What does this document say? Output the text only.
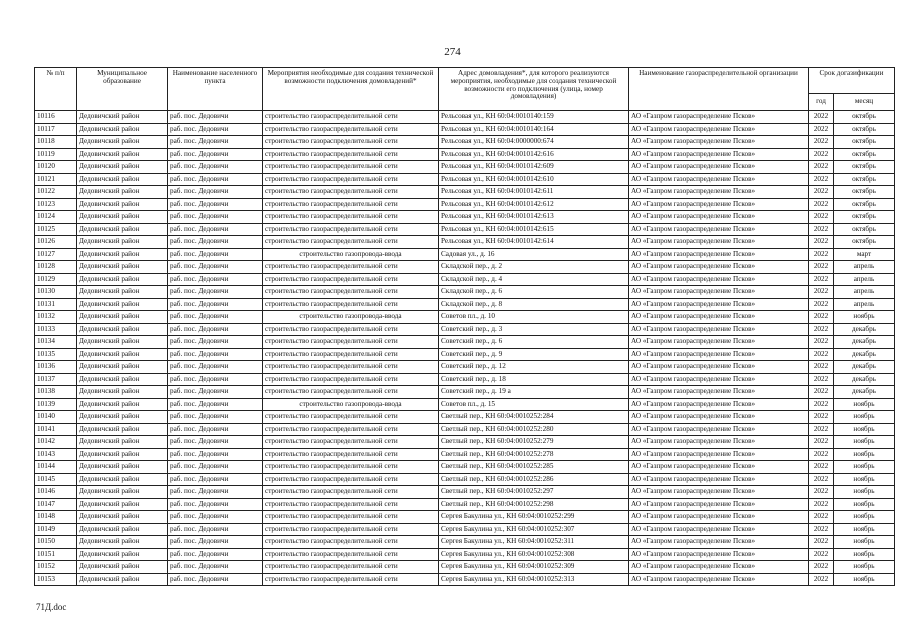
274
№ п/п	Муниципальное образование	Наименование населенного пункта	Мероприятия необходимые для создания технической возможности подключения домовладений*	Адрес домовладения*, для которого реализуются мероприятия, необходимые для создания технической возможности его подключения (улица, номер домовладения)	Наименование газораспределительной организации	Срок догазификации	
						год	месяц
10116	Дедовичский район	раб. пос. Дедовичи	строительство газораспределительной сети	Рельсовая ул., КН 60:04:0010140:159	АО «Газпром газораспределение Псков»	2022	октябрь
10117	Дедовичский район	раб. пос. Дедовичи	строительство газораспределительной сети	Рельсовая ул., КН 60:04:0010140:164	АО «Газпром газораспределение Псков»	2022	октябрь
10118	Дедовичский район	раб. пос. Дедовичи	строительство газораспределительной сети	Рельсовая ул., КН 60:04:0000000:674	АО «Газпром газораспределение Псков»	2022	октябрь
10119	Дедовичский район	раб. пос. Дедовичи	строительство газораспределительной сети	Рельсовая ул., КН 60:04:0010142:616	АО «Газпром газораспределение Псков»	2022	октябрь
10120	Дедовичский район	раб. пос. Дедовичи	строительство газораспределительной сети	Рельсовая ул., КН 60:04:0010142:609	АО «Газпром газораспределение Псков»	2022	октябрь
10121	Дедовичский район	раб. пос. Дедовичи	строительство газораспределительной сети	Рельсовая ул., КН 60:04:0010142:610	АО «Газпром газораспределение Псков»	2022	октябрь
10122	Дедовичский район	раб. пос. Дедовичи	строительство газораспределительной сети	Рельсовая ул., КН 60:04:0010142:611	АО «Газпром газораспределение Псков»	2022	октябрь
10123	Дедовичский район	раб. пос. Дедовичи	строительство газораспределительной сети	Рельсовая ул., КН 60:04:0010142:612	АО «Газпром газораспределение Псков»	2022	октябрь
10124	Дедовичский район	раб. пос. Дедовичи	строительство газораспределительной сети	Рельсовая ул., КН 60:04:0010142:613	АО «Газпром газораспределение Псков»	2022	октябрь
10125	Дедовичский район	раб. пос. Дедовичи	строительство газораспределительной сети	Рельсовая ул., КН 60:04:0010142:615	АО «Газпром газораспределение Псков»	2022	октябрь
10126	Дедовичский район	раб. пос. Дедовичи	строительство газораспределительной сети	Рельсовая ул., КН 60:04:0010142:614	АО «Газпром газораспределение Псков»	2022	октябрь
10127	Дедовичский район	раб. пос. Дедовичи	строительство газопровода-ввода	Садовая ул., д. 16	АО «Газпром газораспределение Псков»	2022	март
10128	Дедовичский район	раб. пос. Дедовичи	строительство газораспределительной сети	Складской пер., д. 2	АО «Газпром газораспределение Псков»	2022	апрель
10129	Дедовичский район	раб. пос. Дедовичи	строительство газораспределительной сети	Складской пер., д. 4	АО «Газпром газораспределение Псков»	2022	апрель
10130	Дедовичский район	раб. пос. Дедовичи	строительство газораспределительной сети	Складской пер., д. 6	АО «Газпром газораспределение Псков»	2022	апрель
10131	Дедовичский район	раб. пос. Дедовичи	строительство газораспределительной сети	Складской пер., д. 8	АО «Газпром газораспределение Псков»	2022	апрель
10132	Дедовичский район	раб. пос. Дедовичи	строительство газопровода-ввода	Советов пл., д. 10	АО «Газпром газораспределение Псков»	2022	ноябрь
10133	Дедовичский район	раб. пос. Дедовичи	строительство газораспределительной сети	Советский пер., д. 3	АО «Газпром газораспределение Псков»	2022	декабрь
10134	Дедовичский район	раб. пос. Дедовичи	строительство газораспределительной сети	Советский пер., д. 6	АО «Газпром газораспределение Псков»	2022	декабрь
10135	Дедовичский район	раб. пос. Дедовичи	строительство газораспределительной сети	Советский пер., д. 9	АО «Газпром газораспределение Псков»	2022	декабрь
10136	Дедовичский район	раб. пос. Дедовичи	строительство газораспределительной сети	Советский пер., д. 12	АО «Газпром газораспределение Псков»	2022	декабрь
10137	Дедовичский район	раб. пос. Дедовичи	строительство газораспределительной сети	Советский пер., д. 18	АО «Газпром газораспределение Псков»	2022	декабрь
10138	Дедовичский район	раб. пос. Дедовичи	строительство газораспределительной сети	Советский пер., д. 19 а	АО «Газпром газораспределение Псков»	2022	декабрь
10139	Дедовичский район	раб. пос. Дедовичи	строительство газопровода-ввода	Советов пл., д. 15	АО «Газпром газораспределение Псков»	2022	ноябрь
10140	Дедовичский район	раб. пос. Дедовичи	строительство газораспределительной сети	Светлый пер., КН 60:04:0010252:284	АО «Газпром газораспределение Псков»	2022	ноябрь
10141	Дедовичский район	раб. пос. Дедовичи	строительство газораспределительной сети	Светлый пер., КН 60:04:0010252:280	АО «Газпром газораспределение Псков»	2022	ноябрь
10142	Дедовичский район	раб. пос. Дедовичи	строительство газораспределительной сети	Светлый пер., КН 60:04:0010252:279	АО «Газпром газораспределение Псков»	2022	ноябрь
10143	Дедовичский район	раб. пос. Дедовичи	строительство газораспределительной сети	Светлый пер., КН 60:04:0010252:278	АО «Газпром газораспределение Псков»	2022	ноябрь
10144	Дедовичский район	раб. пос. Дедовичи	строительство газораспределительной сети	Светлый пер., КН 60:04:0010252:285	АО «Газпром газораспределение Псков»	2022	ноябрь
10145	Дедовичский район	раб. пос. Дедовичи	строительство газораспределительной сети	Светлый пер., КН 60:04:0010252:286	АО «Газпром газораспределение Псков»	2022	ноябрь
10146	Дедовичский район	раб. пос. Дедовичи	строительство газораспределительной сети	Светлый пер., КН 60:04:0010252:297	АО «Газпром газораспределение Псков»	2022	ноябрь
10147	Дедовичский район	раб. пос. Дедовичи	строительство газораспределительной сети	Светлый пер., КН 60:04:0010252:298	АО «Газпром газораспределение Псков»	2022	ноябрь
10148	Дедовичский район	раб. пос. Дедовичи	строительство газораспределительной сети	Сергея Бакулина ул., КН 60:04:0010252:299	АО «Газпром газораспределение Псков»	2022	ноябрь
10149	Дедовичский район	раб. пос. Дедовичи	строительство газораспределительной сети	Сергея Бакулина ул., КН 60:04:0010252:307	АО «Газпром газораспределение Псков»	2022	ноябрь
10150	Дедовичский район	раб. пос. Дедовичи	строительство газораспределительной сети	Сергея Бакулина ул., КН 60:04:0010252:311	АО «Газпром газораспределение Псков»	2022	ноябрь
10151	Дедовичский район	раб. пос. Дедовичи	строительство газораспределительной сети	Сергея Бакулина ул., КН 60:04:0010252:308	АО «Газпром газораспределение Псков»	2022	ноябрь
10152	Дедовичский район	раб. пос. Дедовичи	строительство газораспределительной сети	Сергея Бакулина ул., КН 60:04:0010252:309	АО «Газпром газораспределение Псков»	2022	ноябрь
10153	Дедовичский район	раб. пос. Дедовичи	строительство газораспределительной сети	Сергея Бакулина ул., КН 60:04:0010252:313	АО «Газпром газораспределение Псков»	2022	ноябрь
71Д.doc
